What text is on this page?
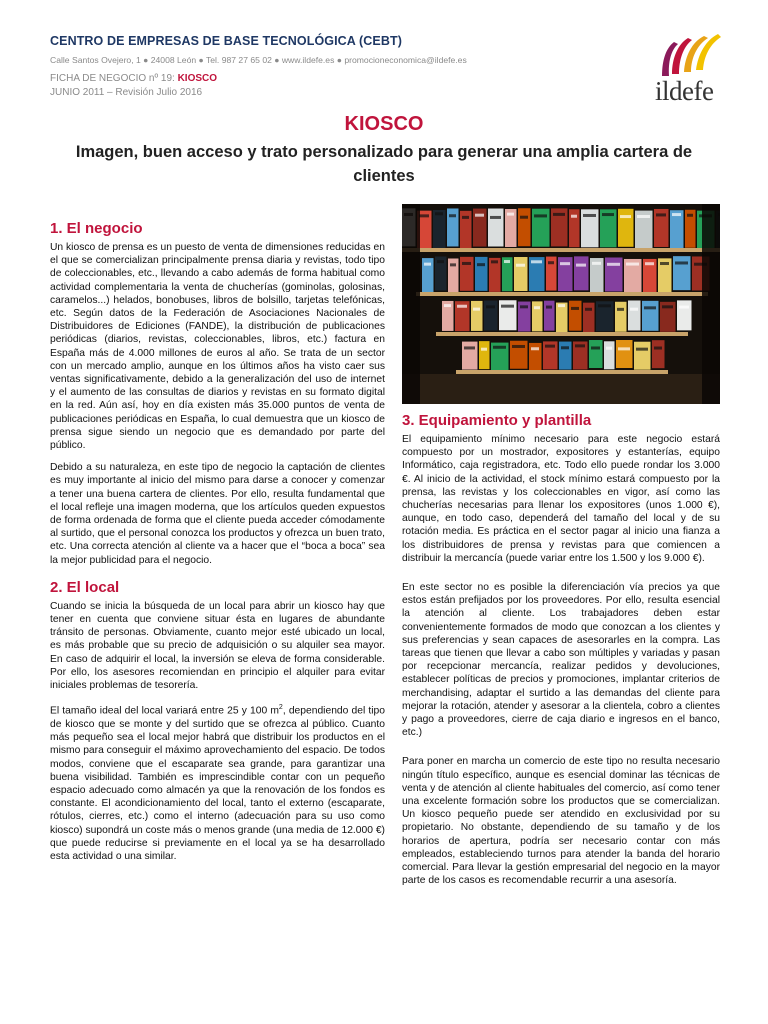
CENTRO DE EMPRESAS DE BASE TECNOLÓGICA (CEBT)
Calle Santos Ovejero, 1 ● 24008 León ● Tel. 987 27 65 02 ● www.ildefe.es ● promocioneconomica@ildefe.es
FICHA DE NEGOCIO nº 19: KIOSCO
JUNIO 2011 – Revisión Julio 2016	ildefe
KIOSCO
Imagen, buen acceso y trato personalizado para generar una amplia cartera de clientes
1. El negocio

Un kiosco de prensa es un puesto de venta de dimensiones reducidas en el que se comercializan principalmente prensa diaria y revistas, todo tipo de coleccionables, etc., llevando a cabo además de forma habitual como actividad complementaria la venta de chucherías (gominolas, golosinas, caramelos...) helados, bonobuses, libros de bolsillo, tarjetas telefónicas, etc. Según datos de la Federación de Asociaciones Nacionales de Distribuidores de Ediciones (FANDE), la distribución de publicaciones periódicas (diarios, revistas, coleccionables, libros, etc.) factura en España más de 4.000 millones de euros al año. Se trata de un sector con un mercado amplio, aunque en los últimos años ha visto caer sus ventas significativamente, debido a la generalización del uso de internet y el aumento de las consultas de diarios y revistas en su formato digital en la red. Aún así, hoy en día existen más 35.000 puntos de venta de publicaciones periódicas en España, lo cual demuestra que un kiosco de prensa sigue siendo un negocio que es demandado por parte del público.

Debido a su naturaleza, en este tipo de negocio la captación de clientes es muy importante al inicio del mismo para darse a conocer y comenzar a tener una buena cartera de clientes. Por ello, resulta fundamental que el local refleje una imagen moderna, que los artículos queden expuestos de forma ordenada de forma que el cliente pueda acceder cómodamente al surtido, que el personal conozca los productos y ofrezca un buen trato, etc. Una correcta atención al cliente va a hacer que el “boca a boca” sea la mejor publicidad para el negocio.

2. El local

Cuando se inicia la búsqueda de un local para abrir un kiosco hay que tener en cuenta que conviene situar ésta en lugares de abundante tránsito de personas. Obviamente, cuanto mejor esté ubicado un local, es más probable que su precio de adquisición o su alquiler sea mayor. En caso de adquirir el local, la inversión se eleva de forma considerable. Por ello, los asesores recomiendan en principio el alquiler para evitar iniciales problemas de tesorería.

El tamaño ideal del local variará entre 25 y 100 $m^2$, dependiendo del tipo de kiosco que se monte y del surtido que se ofrezca al público. Cuanto más pequeño sea el local mejor habrá que distribuir los productos en el mismo para conseguir el máximo aprovechamiento del espacio. De todos modos, conviene que el escaparate sea grande, para garantizar una buena visibilidad. También es imprescindible contar con un pequeño espacio adecuado como almacén ya que la renovación de los fondos es constante. El acondicionamiento del local, tanto el externo (escaparate, rótulos, cierres, etc.) como el interno (adecuación para su uso como kiosco) supondrá un coste más o menos grande (una media de 12.000 €) que puede reducirse si previamente en el local ya se ha desarrollado esta actividad o una similar.

3. Equipamiento y plantilla

El equipamiento mínimo necesario para este negocio estará compuesto por un mostrador, expositores y estanterías, equipo Informático, caja registradora, etc. Todo ello puede rondar los 3.000 €. Al inicio de la actividad, el stock mínimo estará compuesto por la prensa, las revistas y los coleccionables en vigor, así como las chucherías necesarias para llenar los expositores (unos 1.000 €), aunque, en todo caso, dependerá del tamaño del local y de su rotación media. Es práctica en el sector pagar al inicio una fianza a los distribuidores de prensa y revistas para que comiencen a distribuir la mercancía (puede variar entre los 1.500 y los 9.000 €).

En este sector no es posible la diferenciación vía precios ya que estos están prefijados por los proveedores. Por ello, resulta esencial la atención al cliente. Los trabajadores deben estar convenientemente formados de modo que conozcan a los clientes y sus preferencias y sean capaces de asesorarles en la compra. Las tareas que tienen que llevar a cabo son múltiples y variadas y pasan por recepcionar mercancía, realizar pedidos y devoluciones, establecer políticas de precios y promociones, implantar criterios de merchandising, adaptar el surtido a las demandas del cliente para mejorar la rotación, atender y asesorar a la clientela, cobro a clientes y pago a proveedores, cierre de caja diario e ingresos en el banco, etc.)

Para poner en marcha un comercio de este tipo no resulta necesario ningún título específico, aunque es esencial dominar las técnicas de venta y de atención al cliente habituales del comercio, así como tener una excelente formación sobre los productos que se comercializan. Un kiosco pequeño puede ser atendido en exclusividad por su propietario. No obstante, dependiendo de su tamaño y de los horarios de apertura, podría ser necesario contar con más empleados, estableciendo turnos para atender la banda del horario comercial. Para llevar la gestión empresarial del negocio en la mayor parte de los casos es recomendable recurrir a una asesoría.
